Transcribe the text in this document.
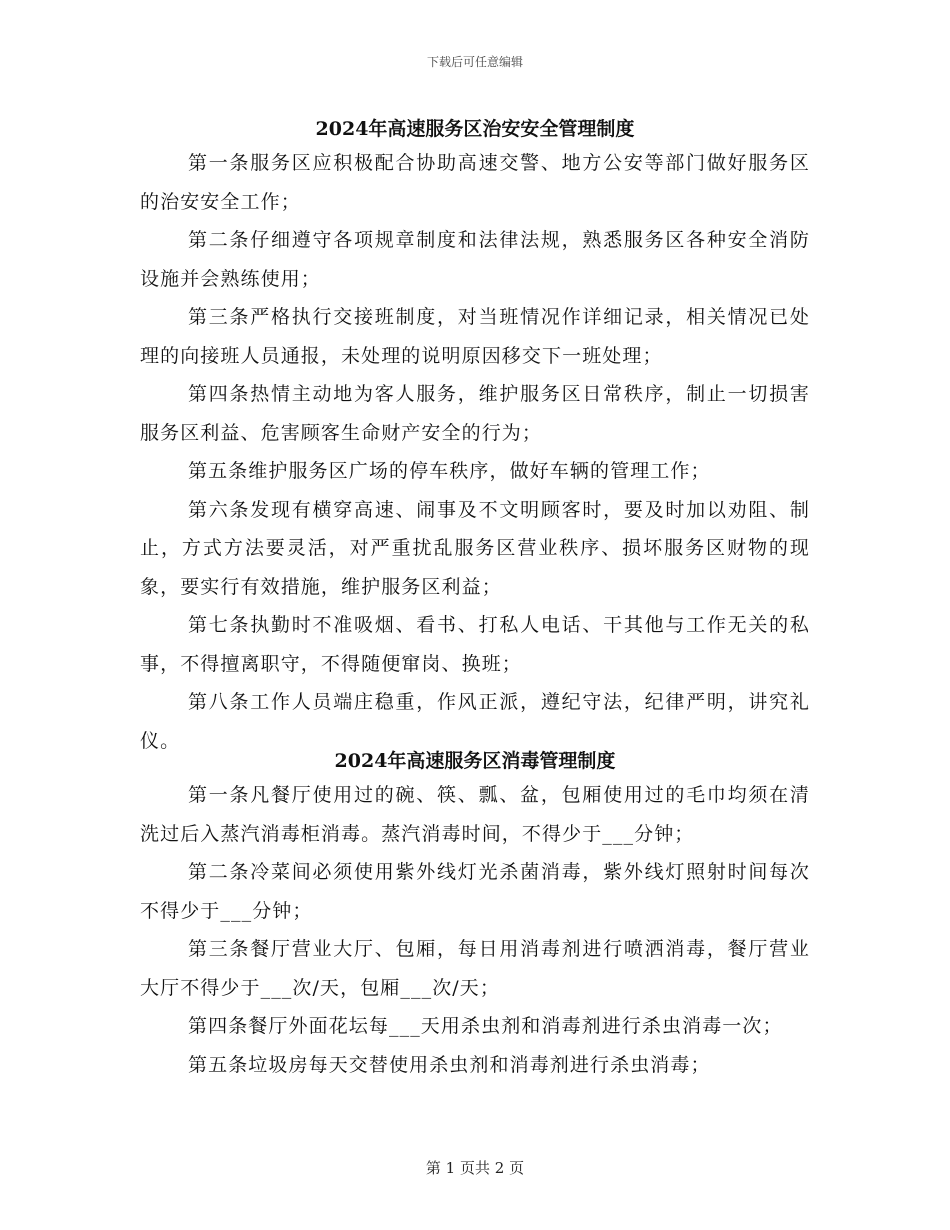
下载后可任意编辑
2024年高速服务区治安安全管理制度

第一条服务区应积极配合协助高速交警、地方公安等部门做好服务区的治安安全工作；

第二条仔细遵守各项规章制度和法律法规，熟悉服务区各种安全消防设施并会熟练使用；

第三条严格执行交接班制度，对当班情况作详细记录，相关情况已处理的向接班人员通报，未处理的说明原因移交下一班处理；

第四条热情主动地为客人服务，维护服务区日常秩序，制止一切损害服务区利益、危害顾客生命财产安全的行为；

第五条维护服务区广场的停车秩序，做好车辆的管理工作；

第六条发现有横穿高速、闹事及不文明顾客时，要及时加以劝阻、制止，方式方法要灵活，对严重扰乱服务区营业秩序、损坏服务区财物的现象，要实行有效措施，维护服务区利益；

第七条执勤时不准吸烟、看书、打私人电话、干其他与工作无关的私事，不得擅离职守，不得随便窜岗、换班；

第八条工作人员端庄稳重，作风正派，遵纪守法，纪律严明，讲究礼仪。

2024年高速服务区消毒管理制度

第一条凡餐厅使用过的碗、筷、瓢、盆，包厢使用过的毛巾均须在清洗过后入蒸汽消毒柜消毒。蒸汽消毒时间，不得少于___分钟；

第二条冷菜间必须使用紫外线灯光杀菌消毒，紫外线灯照射时间每次不得少于___分钟；

第三条餐厅营业大厅、包厢，每日用消毒剂进行喷洒消毒，餐厅营业大厅不得少于___次/天，包厢___次/天；

第四条餐厅外面花坛每___天用杀虫剂和消毒剂进行杀虫消毒一次；

第五条垃圾房每天交替使用杀虫剂和消毒剂进行杀虫消毒；

第 1 页共 2 页
